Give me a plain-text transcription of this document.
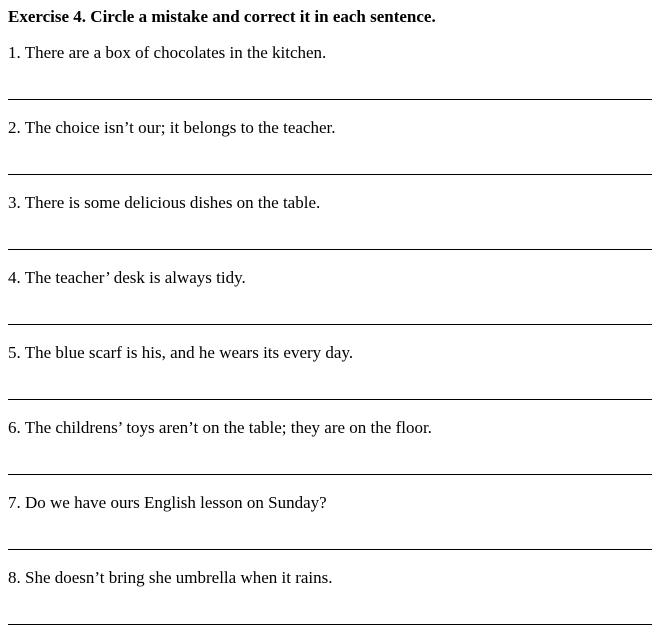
Exercise 4. Circle a mistake and correct it in each sentence.
1. There are a box of chocolates in the kitchen.
2. The choice isn’t our; it belongs to the teacher.
3. There is some delicious dishes on the table.
4. The teacher’ desk is always tidy.
5. The blue scarf is his, and he wears its every day.
6. The childrens’ toys aren’t on the table; they are on the floor.
7. Do we have ours English lesson on Sunday?
8. She doesn’t bring she umbrella when it rains.
